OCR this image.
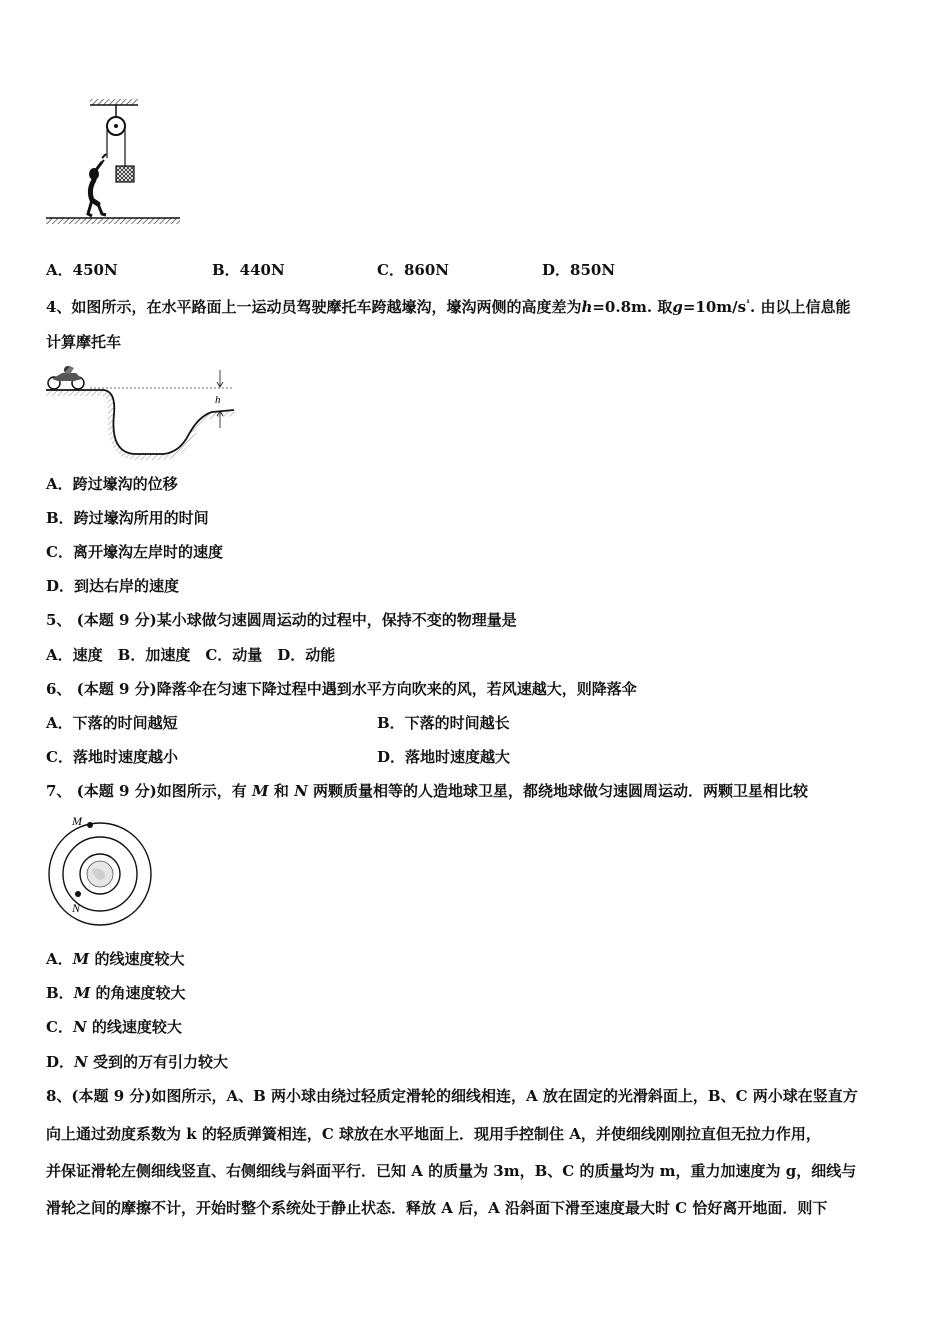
A．450N	B．440N	C．860N	D．850N
4、如图所示，在水平路面上一运动员驾驶摩托车跨越壕沟，壕沟两侧的高度差为h=0.8m. 取$g=10m/s^{^1}$. 由以上信息能
计算摩托车
h
A．跨过壕沟的位移
B．跨过壕沟所用的时间
C．离开壕沟左岸时的速度
D．到达右岸的速度
5、 (本题 9 分)某小球做匀速圆周运动的过程中，保持不变的物理量是
A．速度　B．加速度　C．动量　D．动能
6、 (本题 9 分)降落伞在匀速下降过程中遇到水平方向吹来的风，若风速越大，则降落伞
A．下落的时间越短	B．下落的时间越长
C．落地时速度越小	D．落地时速度越大
7、 (本题 9 分)如图所示，有 M 和 N 两颗质量相等的人造地球卫星，都绕地球做匀速圆周运动．两颗卫星相比较
M
N
A．M 的线速度较大
B．M 的角速度较大
C．N 的线速度较大
D．N 受到的万有引力较大
8、(本题 9 分)如图所示，A、B 两小球由绕过轻质定滑轮的细线相连，A 放在固定的光滑斜面上，B、C 两小球在竖直方
向上通过劲度系数为 k 的轻质弹簧相连，C 球放在水平地面上．现用手控制住 A，并使细线刚刚拉直但无拉力作用，
并保证滑轮左侧细线竖直、右侧细线与斜面平行．已知 A 的质量为 3m，B、C 的质量均为 m，重力加速度为 g，细线与
滑轮之间的摩擦不计，开始时整个系统处于静止状态．释放 A 后，A 沿斜面下滑至速度最大时 C 恰好离开地面．则下
